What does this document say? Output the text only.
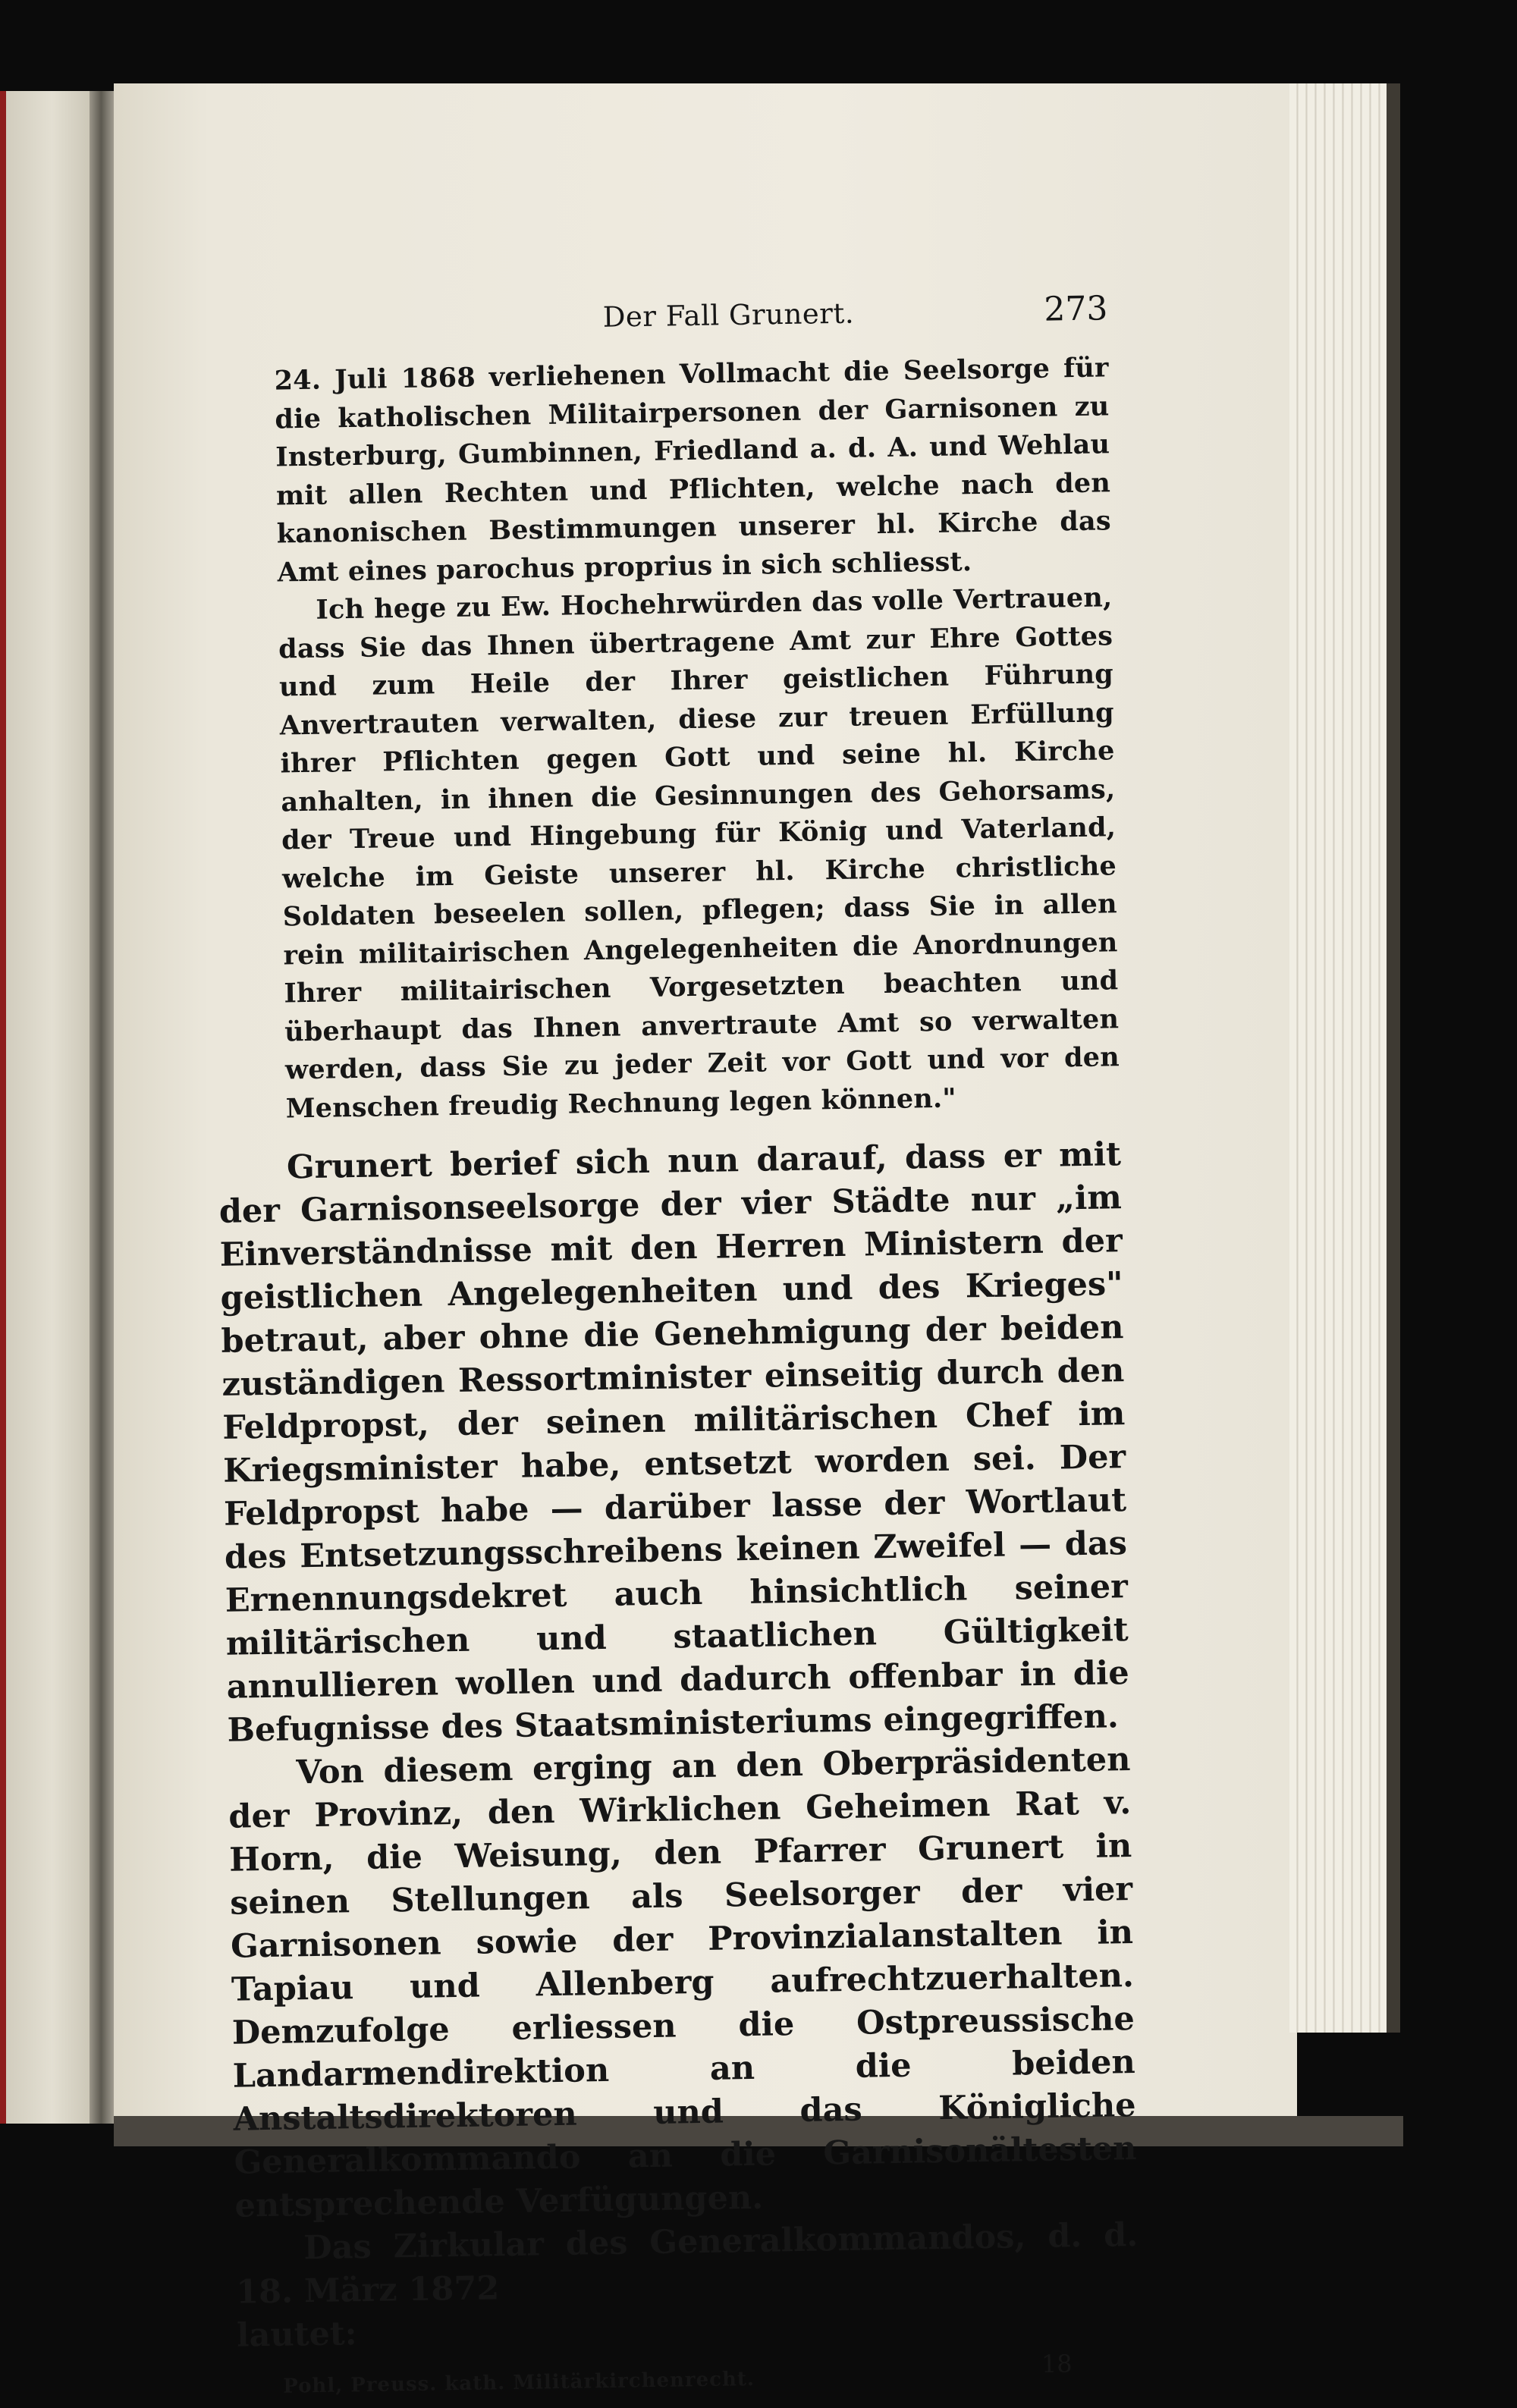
Der Fall Grunert.	273

24. Juli 1868 verliehenen Vollmacht die Seelsorge für die katholischen Militairpersonen der Garnisonen zu Insterburg, Gumbinnen, Friedland a. d. A. und Wehlau mit allen Rechten und Pflichten, welche nach den kanonischen Bestimmungen unserer hl. Kirche das Amt eines parochus proprius in sich schliesst.

Ich hege zu Ew. Hochehrwürden das volle Vertrauen, dass Sie das Ihnen übertragene Amt zur Ehre Gottes und zum Heile der Ihrer geistlichen Führung Anvertrauten verwalten, diese zur treuen Erfüllung ihrer Pflichten gegen Gott und seine hl. Kirche anhalten, in ihnen die Gesinnungen des Gehorsams, der Treue und Hingebung für König und Vaterland, welche im Geiste unserer hl. Kirche christliche Soldaten beseelen sollen, pflegen; dass Sie in allen rein militairischen Angelegenheiten die Anordnungen Ihrer militairischen Vorgesetzten beachten und überhaupt das Ihnen anvertraute Amt so verwalten werden, dass Sie zu jeder Zeit vor Gott und vor den Menschen freudig Rechnung legen können."

Grunert berief sich nun darauf, dass er mit der Garnisonseelsorge der vier Städte nur „im Einverständnisse mit den Herren Ministern der geistlichen Angelegenheiten und des Krieges" betraut, aber ohne die Genehmigung der beiden zuständigen Ressortminister einseitig durch den Feldpropst, der seinen militärischen Chef im Kriegsminister habe, entsetzt worden sei. Der Feldpropst habe — darüber lasse der Wortlaut des Entsetzungsschreibens keinen Zweifel — das Ernennungsdekret auch hinsichtlich seiner militärischen und staatlichen Gültigkeit annullieren wollen und dadurch offenbar in die Befugnisse des Staatsministeriums eingegriffen.

Von diesem erging an den Oberpräsidenten der Provinz, den Wirklichen Geheimen Rat v. Horn, die Weisung, den Pfarrer Grunert in seinen Stellungen als Seelsorger der vier Garnisonen sowie der Provinzialanstalten in Tapiau und Allenberg aufrechtzuerhalten. Demzufolge erliessen die Ostpreussische Landarmendirektion an die beiden Anstaltsdirektoren und das Königliche Generalkommando an die Garnisonältesten entsprechende Verfügungen.

Das Zirkular des Generalkommandos, d. d. 18. März 1872

lautet:

Pohl, Preuss. kath. Militärkirchenrecht.
18
